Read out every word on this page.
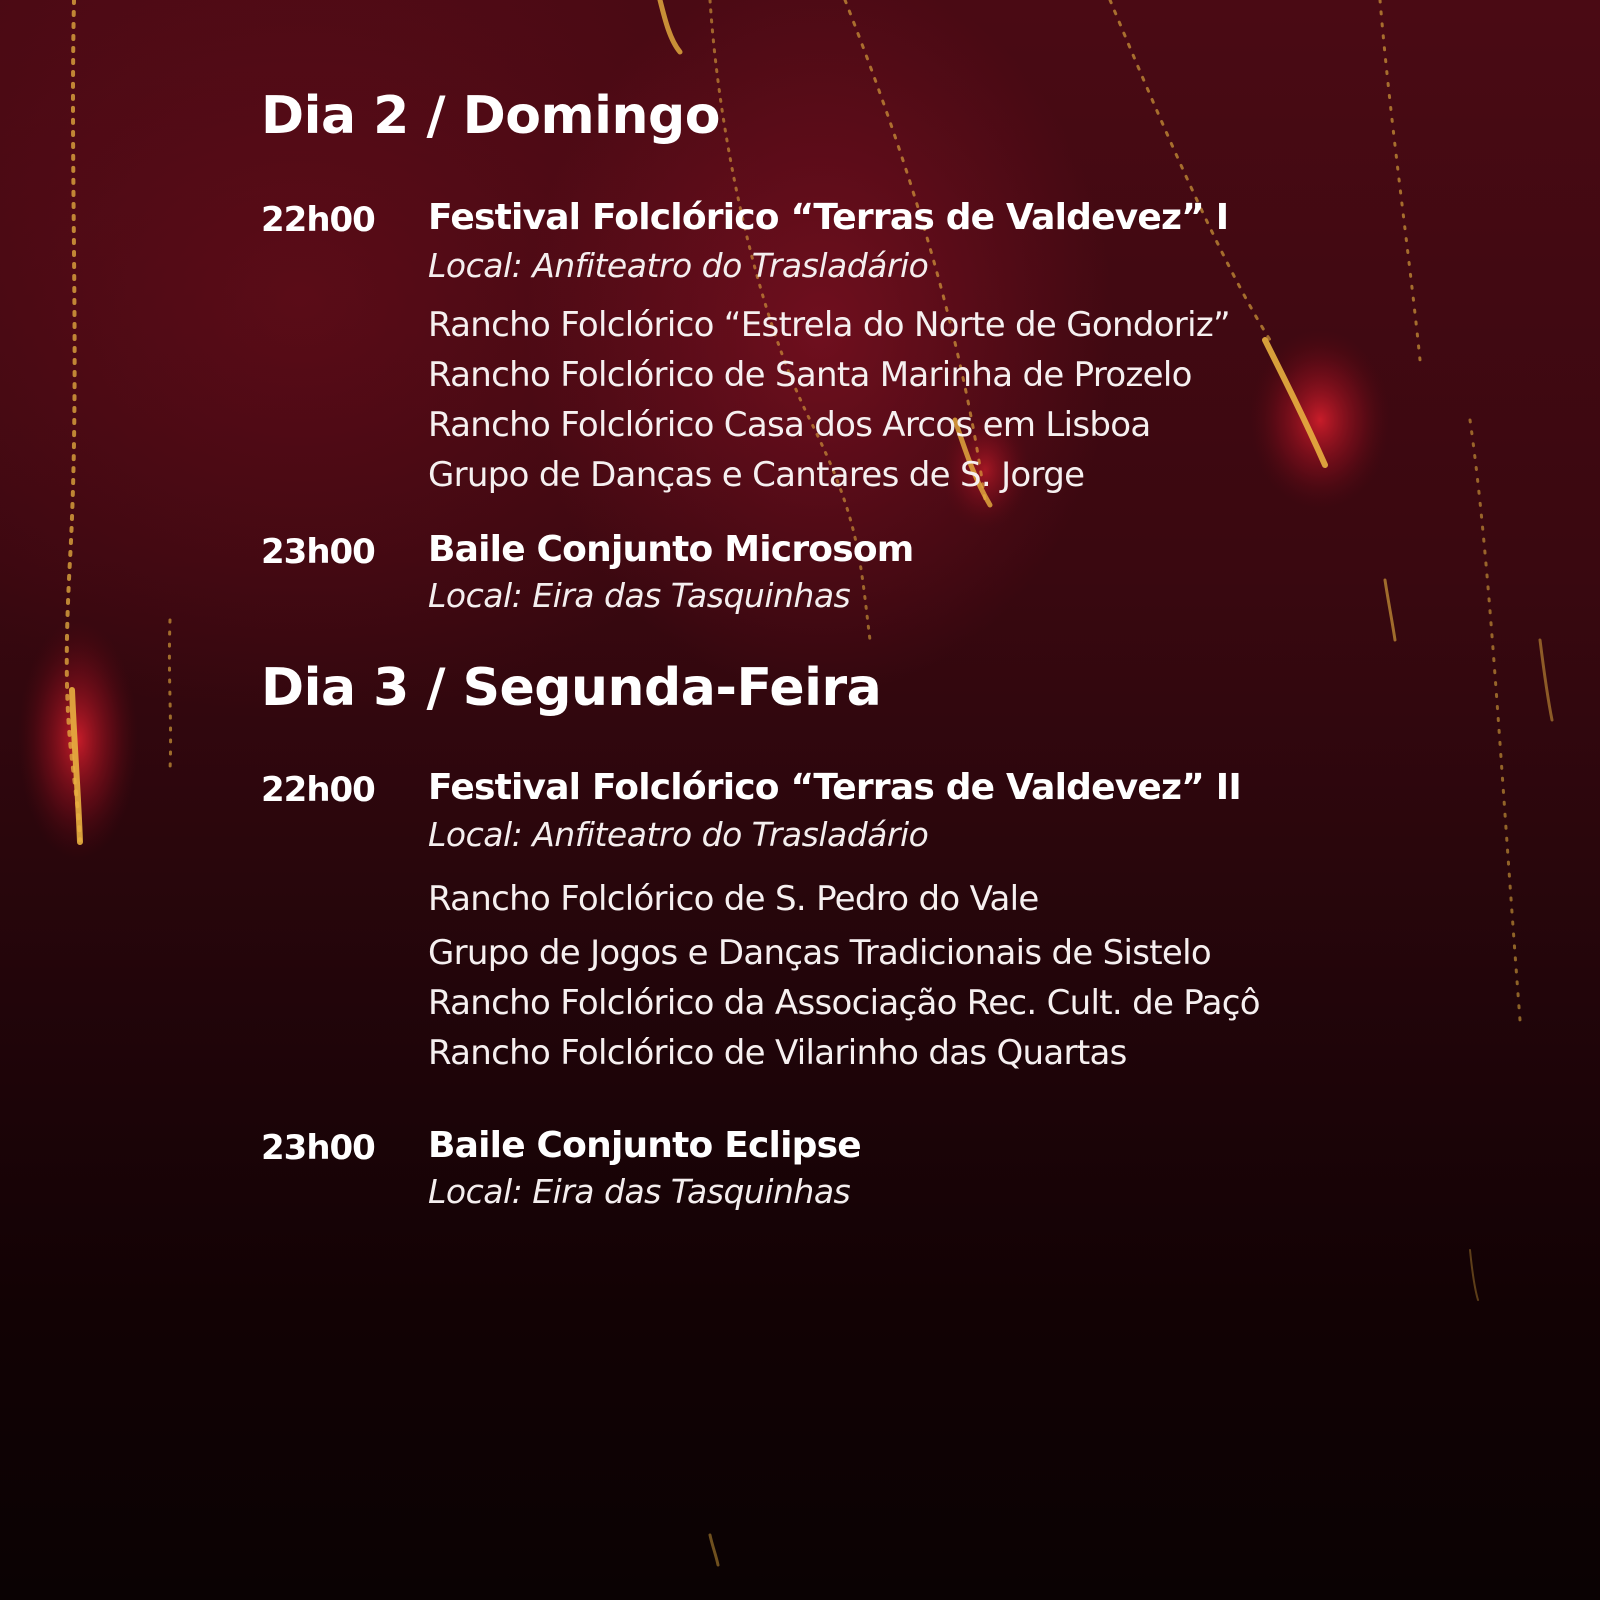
Dia 2 / Domingo
22h00 Festival Folclórico “Terras de Valdevez” I
Local: Anfiteatro do Trasladário
Rancho Folclórico “Estrela do Norte de Gondoriz”
Rancho Folclórico de Santa Marinha de Prozelo
Rancho Folclórico Casa dos Arcos em Lisboa
Grupo de Danças e Cantares de S. Jorge
23h00 Baile Conjunto Microsom
Local: Eira das Tasquinhas
Dia 3 / Segunda-Feira
22h00 Festival Folclórico “Terras de Valdevez” II
Local: Anfiteatro do Trasladário
Rancho Folclórico de S. Pedro do Vale
Grupo de Jogos e Danças Tradicionais de Sistelo
Rancho Folclórico da Associação Rec. Cult. de Paçô
Rancho Folclórico de Vilarinho das Quartas
23h00 Baile Conjunto Eclipse
Local: Eira das Tasquinhas
